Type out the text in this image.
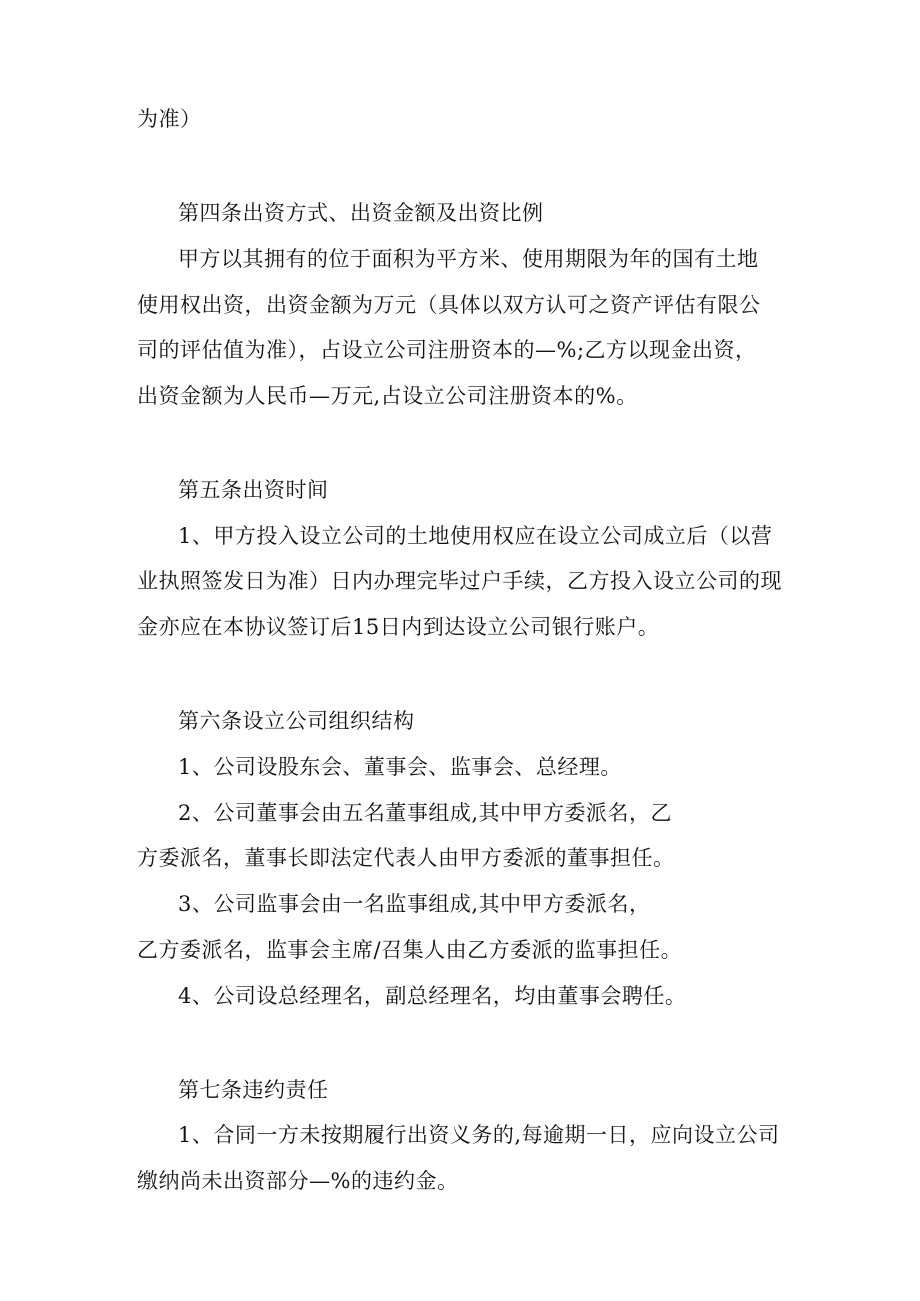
为准）
第四条出资方式、出资金额及出资比例
甲方以其拥有的位于面积为平方米、使用期限为年的国有土地
使用权出资，出资金额为万元（具体以双方认可之资产评估有限公
司的评估值为准），占设立公司注册资本的—%;乙方以现金出资，
出资金额为人民币—万元,占设立公司注册资本的%。
第五条出资时间
1、甲方投入设立公司的土地使用权应在设立公司成立后（以营
业执照签发日为准）日内办理完毕过户手续，乙方投入设立公司的现
金亦应在本协议签订后15日内到达设立公司银行账户。
第六条设立公司组织结构
1、公司设股东会、董事会、监事会、总经理。
2、公司董事会由五名董事组成,其中甲方委派名，乙
方委派名，董事长即法定代表人由甲方委派的董事担任。
3、公司监事会由一名监事组成,其中甲方委派名，
乙方委派名，监事会主席/召集人由乙方委派的监事担任。
4、公司设总经理名，副总经理名，均由董事会聘任。
第七条违约责任
1、合同一方未按期履行出资义务的,每逾期一日，应向设立公司
缴纳尚未出资部分—%的违约金。
